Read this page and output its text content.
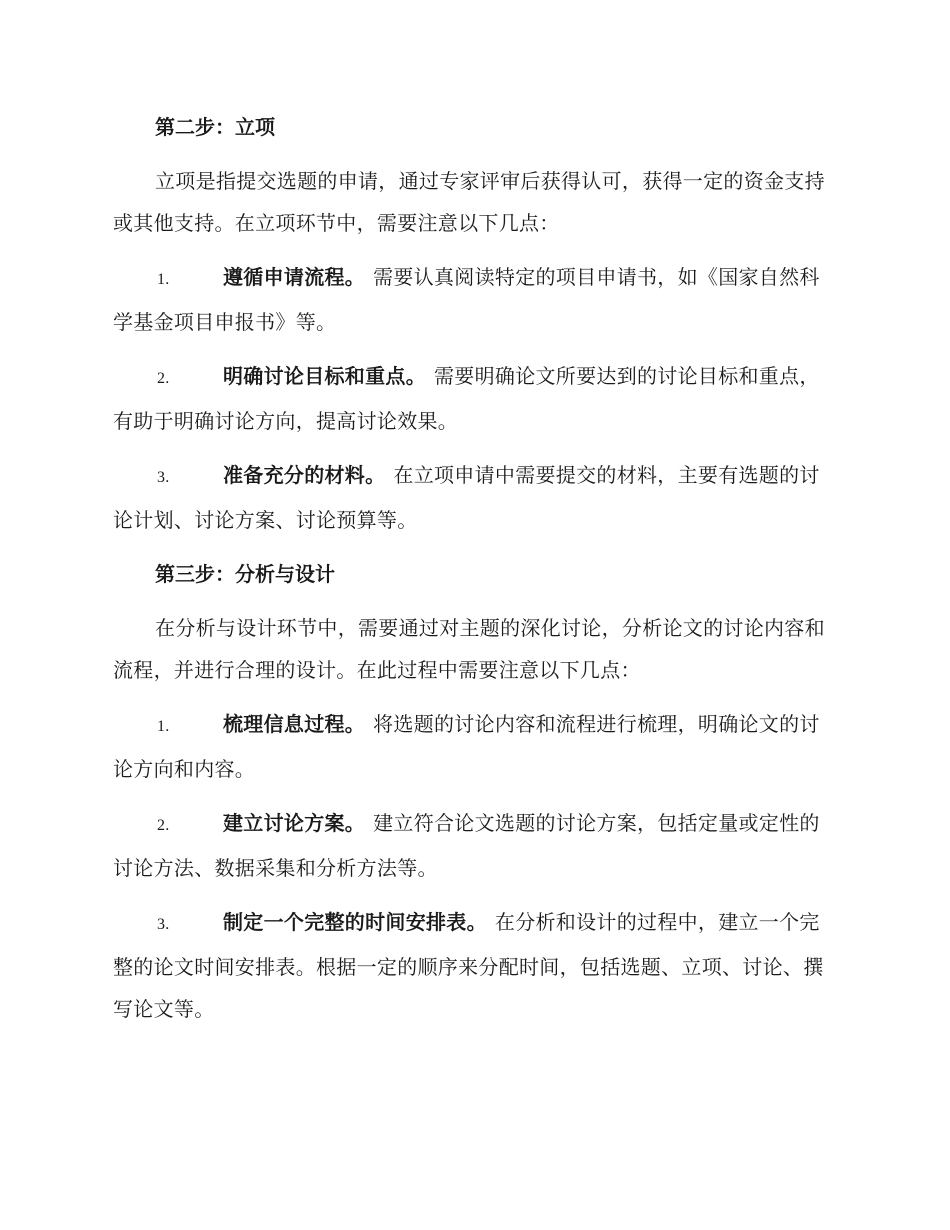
第二步：立项

立项是指提交选题的申请，通过专家评审后获得认可，获得一定的资金支持或其他支持。在立项环节中，需要注意以下几点：

1.	遵循申请流程。 需要认真阅读特定的项目申请书，如《国家自然科学基金项目申报书》等。

2.	明确讨论目标和重点。 需要明确论文所要达到的讨论目标和重点，有助于明确讨论方向，提高讨论效果。

3.	准备充分的材料。 在立项申请中需要提交的材料，主要有选题的讨论计划、讨论方案、讨论预算等。

第三步：分析与设计

在分析与设计环节中，需要通过对主题的深化讨论，分析论文的讨论内容和流程，并进行合理的设计。在此过程中需要注意以下几点：

1.	梳理信息过程。 将选题的讨论内容和流程进行梳理，明确论文的讨论方向和内容。

2.	建立讨论方案。 建立符合论文选题的讨论方案，包括定量或定性的讨论方法、数据采集和分析方法等。

3.	制定一个完整的时间安排表。 在分析和设计的过程中，建立一个完整的论文时间安排表。根据一定的顺序来分配时间，包括选题、立项、讨论、撰写论文等。
